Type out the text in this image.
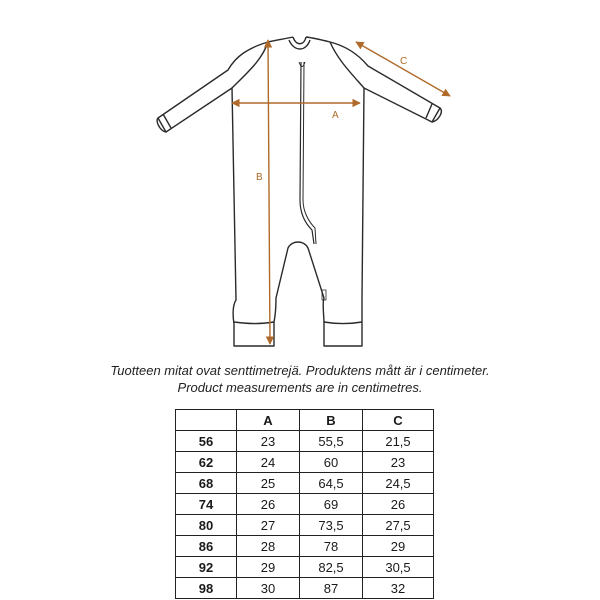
A
B
C
Tuotteen mitat ovat senttimetrejä. Produktens mått är i centimeter.
Product measurements are in centimetres.
	A	B	C
56	23	55,5	21,5
62	24	60	23
68	25	64,5	24,5
74	26	69	26
80	27	73,5	27,5
86	28	78	29
92	29	82,5	30,5
98	30	87	32
